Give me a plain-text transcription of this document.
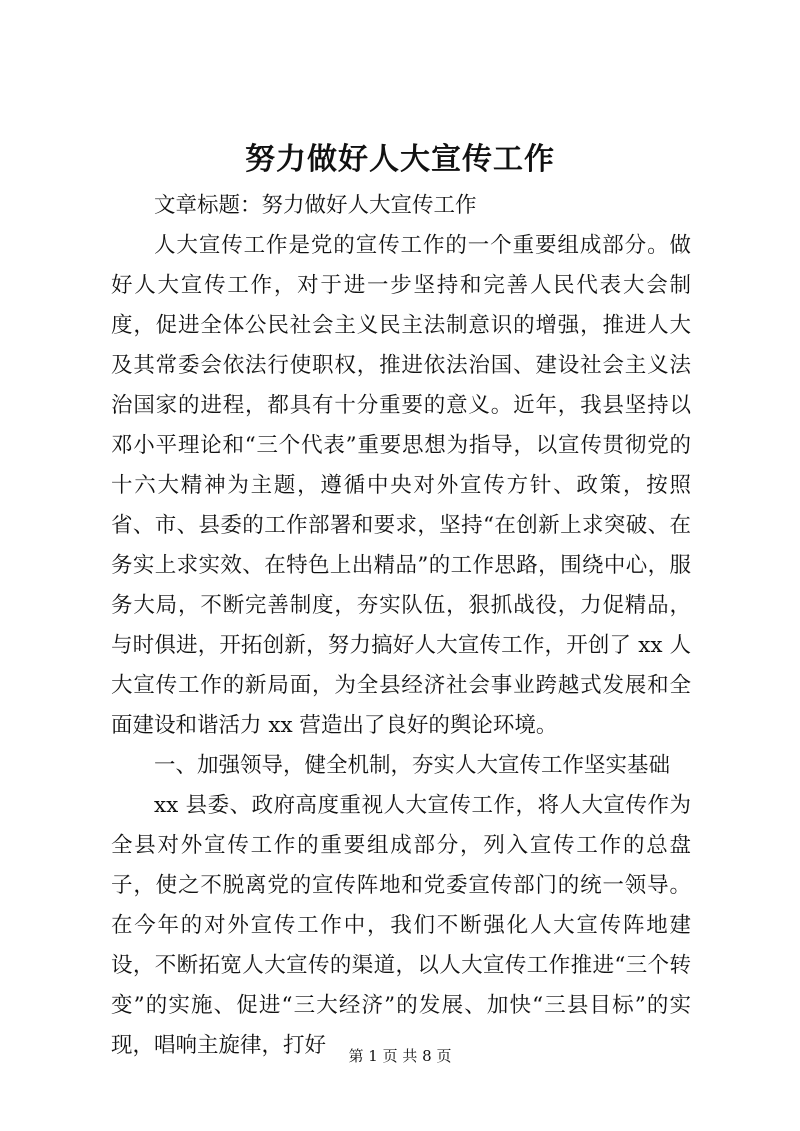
努力做好人大宣传工作

文章标题：努力做好人大宣传工作

人大宣传工作是党的宣传工作的一个重要组成部分。做好人大宣传工作，对于进一步坚持和完善人民代表大会制度，促进全体公民社会主义民主法制意识的增强，推进人大及其常委会依法行使职权，推进依法治国、建设社会主义法治国家的进程，都具有十分重要的意义。近年，我县坚持以邓小平理论和“三个代表”重要思想为指导，以宣传贯彻党的十六大精神为主题，遵循中央对外宣传方针、政策，按照省、市、县委的工作部署和要求，坚持“在创新上求突破、在务实上求实效、在特色上出精品”的工作思路，围绕中心，服务大局，不断完善制度，夯实队伍，狠抓战役，力促精品，与时俱进，开拓创新，努力搞好人大宣传工作，开创了 xx 人大宣传工作的新局面，为全县经济社会事业跨越式发展和全面建设和谐活力 xx 营造出了良好的舆论环境。

一、加强领导，健全机制，夯实人大宣传工作坚实基础

xx 县委、政府高度重视人大宣传工作，将人大宣传作为全县对外宣传工作的重要组成部分，列入宣传工作的总盘子，使之不脱离党的宣传阵地和党委宣传部门的统一领导。在今年的对外宣传工作中，我们不断强化人大宣传阵地建设，不断拓宽人大宣传的渠道，以人大宣传工作推进“三个转变”的实施、促进“三大经济”的发展、加快“三县目标”的实现，唱响主旋律，打好	第 1 页 共 8 页
